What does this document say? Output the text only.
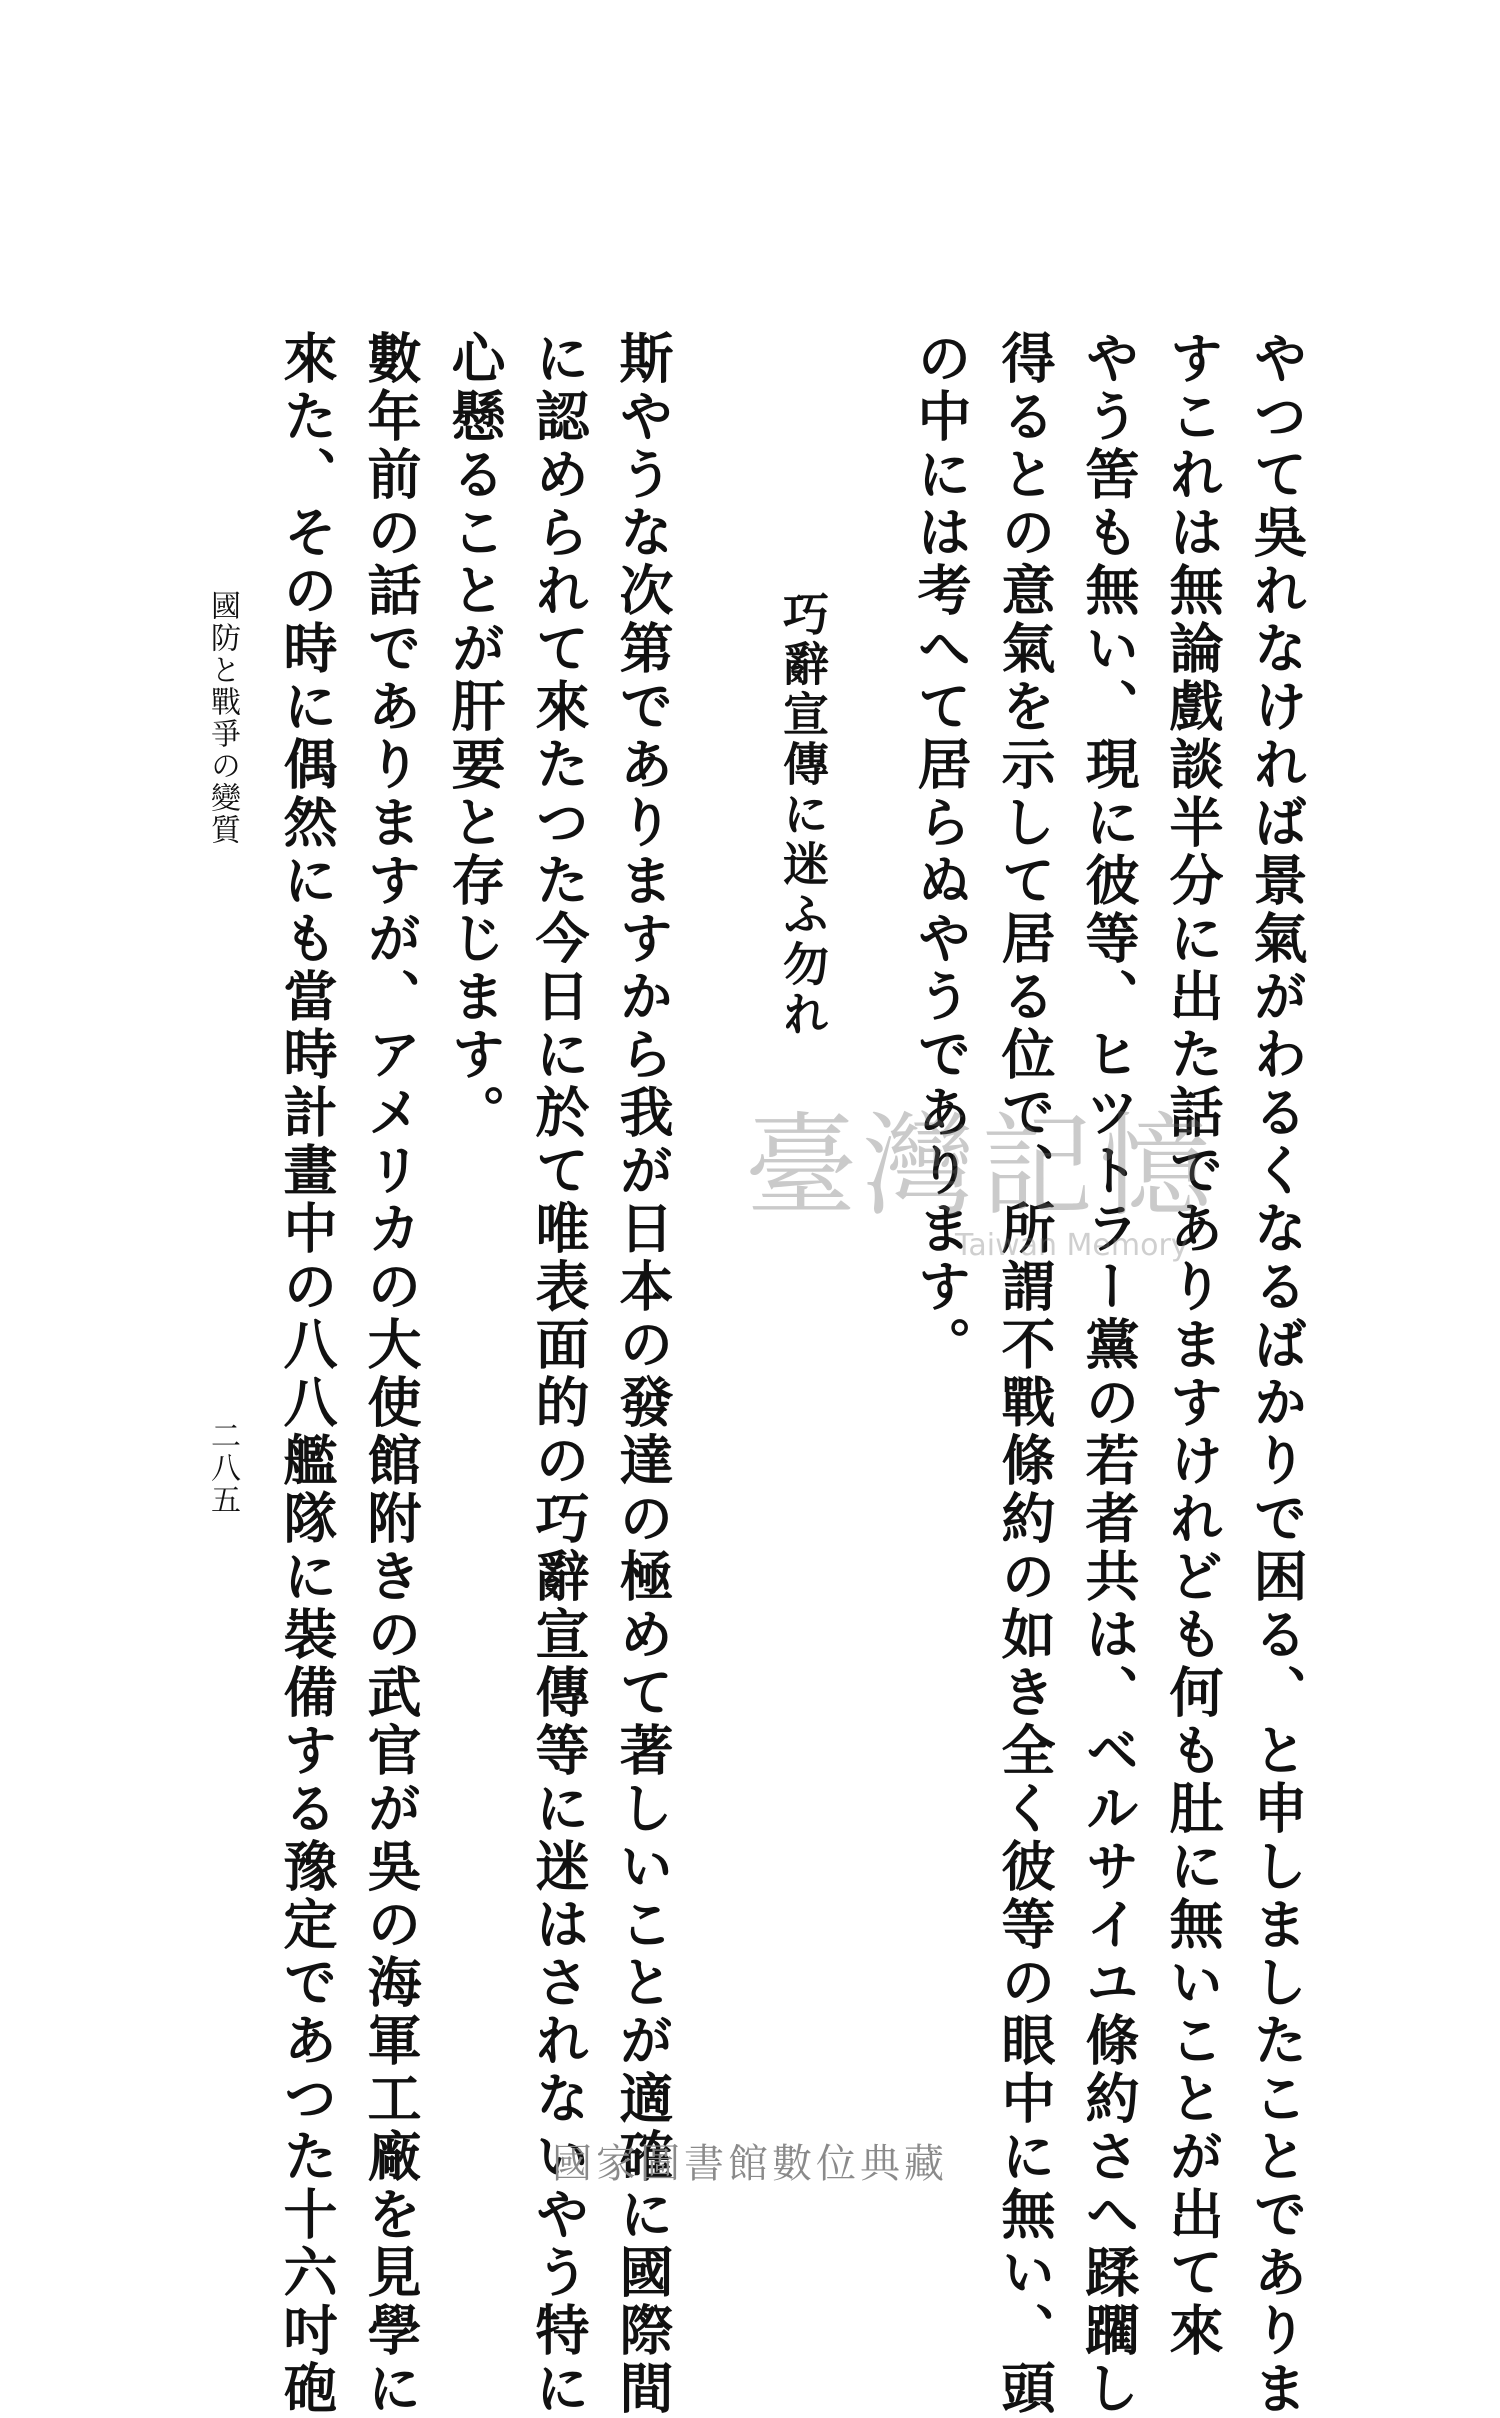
やつて吳れなければ景氣がわるくなるばかりで困る、と申しましたことでありま
すこれは無論戲談半分に出た話でありますけれども何も肚に無いことが出て來
やう筈も無い、現に彼等、ヒツトラー黨の若者共は、ベルサイユ條約さへ蹂躙し
得るとの意氣を示して居る位で、所謂不戰條約の如き全く彼等の眼中に無い、頭
の中には考へて居らぬやうであります。
巧辭宣傳に迷ふ勿れ
斯やうな次第でありますから我が日本の發達の極めて著しいことが適確に國際間
に認められて來たつた今日に於て唯表面的の巧辭宣傳等に迷はされないやう特に
心懸ることが肝要と存じます。
數年前の話でありますが、アメリカの大使館附きの武官が吳の海軍工廠を見學に
來た、その時に偶然にも當時計畫中の八八艦隊に裝備する豫定であつた十六吋砲
國防と戰爭の變質
二八五
臺灣記憶
Taiwan Memory
國家圖書館數位典藏
